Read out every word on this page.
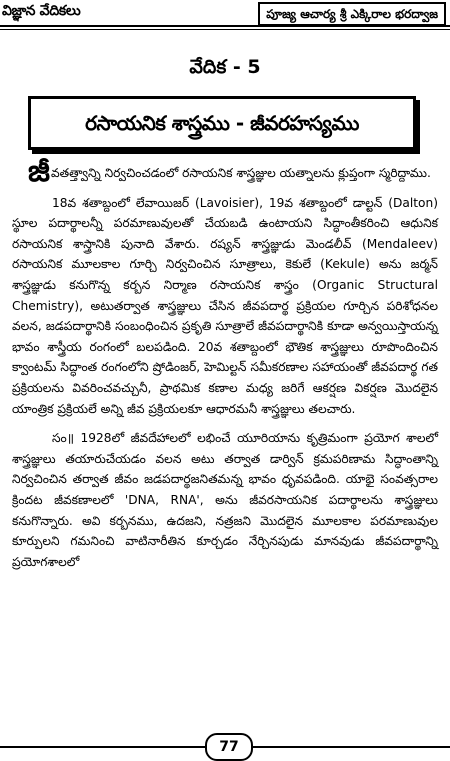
విజ్ఞాన వేదికలు	పూజ్య ఆచార్య శ్రీ ఎక్కిరాల భరద్వాజ
వేదిక - 5
రసాయనిక శాస్త్రము - జీవరహస్యము

జీవతత్త్వాన్ని నిర్వచించడంలో రసాయనిక శాస్త్రజ్ఞుల యత్నాలను క్లుప్తంగా స్మరిద్దాము.

18వ శతాబ్దంలో లేవాయిజర్ (Lavoisier), 19వ శతాబ్దంలో డాల్టన్ (Dalton) స్థూల పదార్థాలన్నీ పరమాణువులతో చేయబడి ఉంటాయని సిద్ధాంతీకరించి ఆధునిక రసాయనిక శాస్త్రానికి పునాది వేశారు. రష్యన్ శాస్త్రజ్ఞుడు మెండలీవ్ (Mendaleev) రసాయనిక మూలకాల గూర్చి నిర్వచించిన సూత్రాలు, కెకులే (Kekule) అను జర్మన్ శాస్త్రజ్ఞుడు కనుగొన్న కర్బన నిర్మాణ రసాయనిక శాస్త్రం (Organic Structural Chemistry), అటుతర్వాత శాస్త్రజ్ఞులు చేసిన జీవపదార్థ ప్రక్రియల గూర్చిన పరిశోధనల వలన, జడపదార్థానికి సంబంధించిన ప్రకృతి సూత్రాలే జీవపదార్థానికి కూడా అన్వయిస్తాయన్న భావం శాస్త్రీయ రంగంలో బలపడింది. 20వ శతాబ్దంలో భౌతిక శాస్త్రజ్ఞులు రూపొందించిన క్వాంటమ్ సిద్ధాంత రంగంలోని ష్రోడింజర్, హెమిల్టన్ సమీకరణాల సహాయంతో జీవపదార్థ గత ప్రక్రియలను వివరించవచ్చునీ, ప్రాథమిక కణాల మధ్య జరిగే ఆకర్షణ వికర్షణ మొదలైన యాంత్రిక ప్రక్రియలే అన్ని జీవ ప్రక్రియలకూ ఆధారమనీ శాస్త్రజ్ఞులు తలచారు.

సం॥ 1928లో జీవదేహాలలో లభించే యూరియాను కృత్రిమంగా ప్రయోగ శాలలో శాస్త్రజ్ఞులు తయారుచేయడం వలన అటు తర్వాత డార్విన్ క్రమపరిణామ సిద్ధాంతాన్ని నిర్వచించిన తర్వాత జీవం జడపదార్థజనితమన్న భావం ధృవపడింది. యాభై సంవత్సరాల క్రిందట జీవకణాలలో 'DNA, RNA', అను జీవరసాయనిక పదార్థాలను శాస్త్రజ్ఞులు కనుగొన్నారు. అవి కర్బనము, ఉదజని, నత్రజని మొదలైన మూలకాల పరమాణువుల కూర్పులని గమనించి వాటినారీతిన కూర్చడం నేర్చినపుడు మానవుడు జీవపదార్థాన్ని ప్రయోగశాలలో

77
